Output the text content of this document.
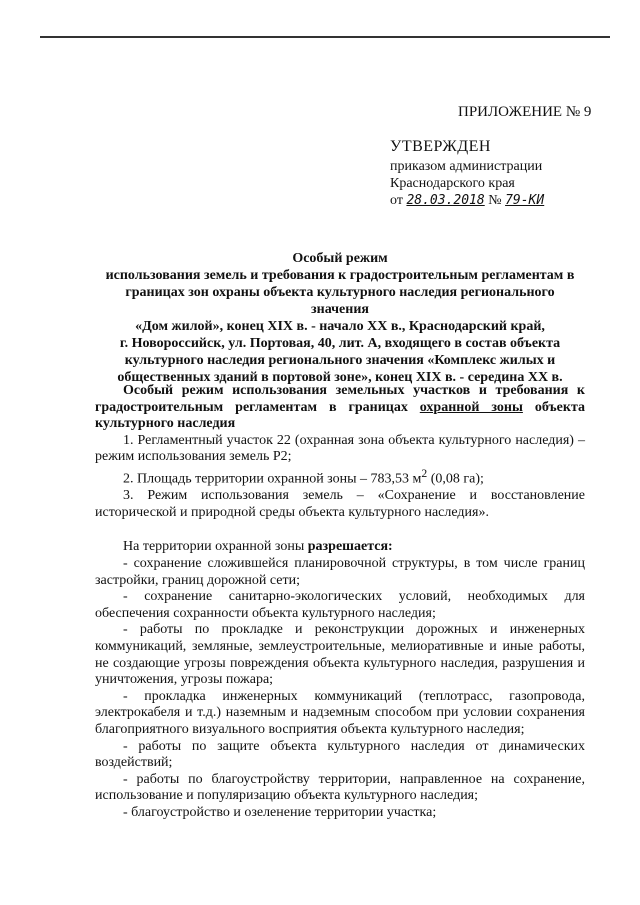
ПРИЛОЖЕНИЕ № 9
УТВЕРЖДЕН
приказом администрации
Краснодарского края
от 28.03.2018 № 79-КИ
Особый режим
использования земель и требования к градостроительным регламентам в
границах зон охраны объекта культурного наследия регионального значения
«Дом жилой», конец XIX в. - начало XX в., Краснодарский край,
г. Новороссийск, ул. Портовая, 40, лит. А, входящего в состав объекта
культурного наследия регионального значения «Комплекс жилых и
общественных зданий в портовой зоне», конец XIX в. - середина XX в.

Особый режим использования земельных участков и требования к градостроительным регламентам в границах охранной зоны объекта культурного наследия

1. Регламентный участок 22 (охранная зона объекта культурного наследия) – режим использования земель Р2;

2. Площадь территории охранной зоны – 783,53 $м^2$ (0,08 га);

3. Режим использования земель – «Сохранение и восстановление исторической и природной среды объекта культурного наследия».

На территории охранной зоны разрешается:

- сохранение сложившейся планировочной структуры, в том числе границ застройки, границ дорожной сети;

- сохранение санитарно-экологических условий, необходимых для обеспечения сохранности объекта культурного наследия;

- работы по прокладке и реконструкции дорожных и инженерных коммуникаций, земляные, землеустроительные, мелиоративные и иные работы, не создающие угрозы повреждения объекта культурного наследия, разрушения и уничтожения, угрозы пожара;

- прокладка инженерных коммуникаций (теплотрасс, газопровода, электрокабеля и т.д.) наземным и надземным способом при условии сохранения благоприятного визуального восприятия объекта культурного наследия;

- работы по защите объекта культурного наследия от динамических воздействий;

- работы по благоустройству территории, направленное на сохранение, использование и популяризацию объекта культурного наследия;

- благоустройство и озеленение территории участка;
